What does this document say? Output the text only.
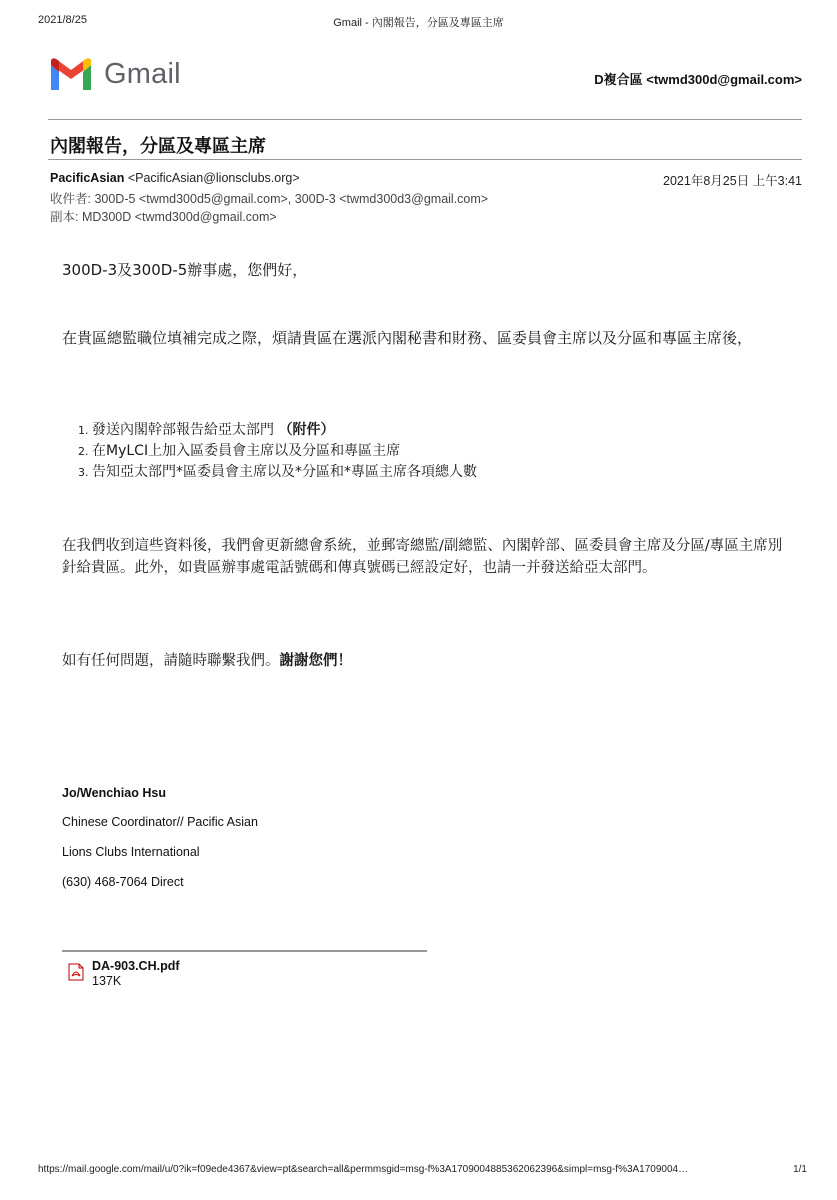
2021/8/25	Gmail - 內閣報告，分區及專區主席
Gmail	D複合區 <twmd300d@gmail.com>
內閣報告，分區及專區主席
PacificAsian <PacificAsian@lionsclubs.org>	2021年8月25日 上午3:41
收件者: 300D-5 <twmd300d5@gmail.com>, 300D-3 <twmd300d3@gmail.com>
副本: MD300D <twmd300d@gmail.com>
300D-3及300D-5辦事處，您們好，
在貴區總監職位填補完成之際，煩請貴區在選派內閣秘書和財務、區委員會主席以及分區和專區主席後，
1. 發送內閣幹部報告給亞太部門 （附件）
2. 在MyLCI上加入區委員會主席以及分區和專區主席
3. 告知亞太部門*區委員會主席以及*分區和*專區主席各項總人數
在我們收到這些資料後，我們會更新總會系統，並郵寄總監/副總監、內閣幹部、區委員會主席及分區/專區主席別針給貴區。此外，如貴區辦事處電話號碼和傳真號碼已經設定好，也請一并發送給亞太部門。
如有任何問題，請隨時聯繫我們。謝謝您們！
Jo/Wenchiao Hsu
Chinese Coordinator// Pacific Asian
Lions Clubs International
(630) 468-7064 Direct
DA-903.CH.pdf
137K
https://mail.google.com/mail/u/0?ik=f09ede4367&view=pt&search=all&permmsgid=msg-f%3A1709004885362062396&simpl=msg-f%3A1709004…	1/1
